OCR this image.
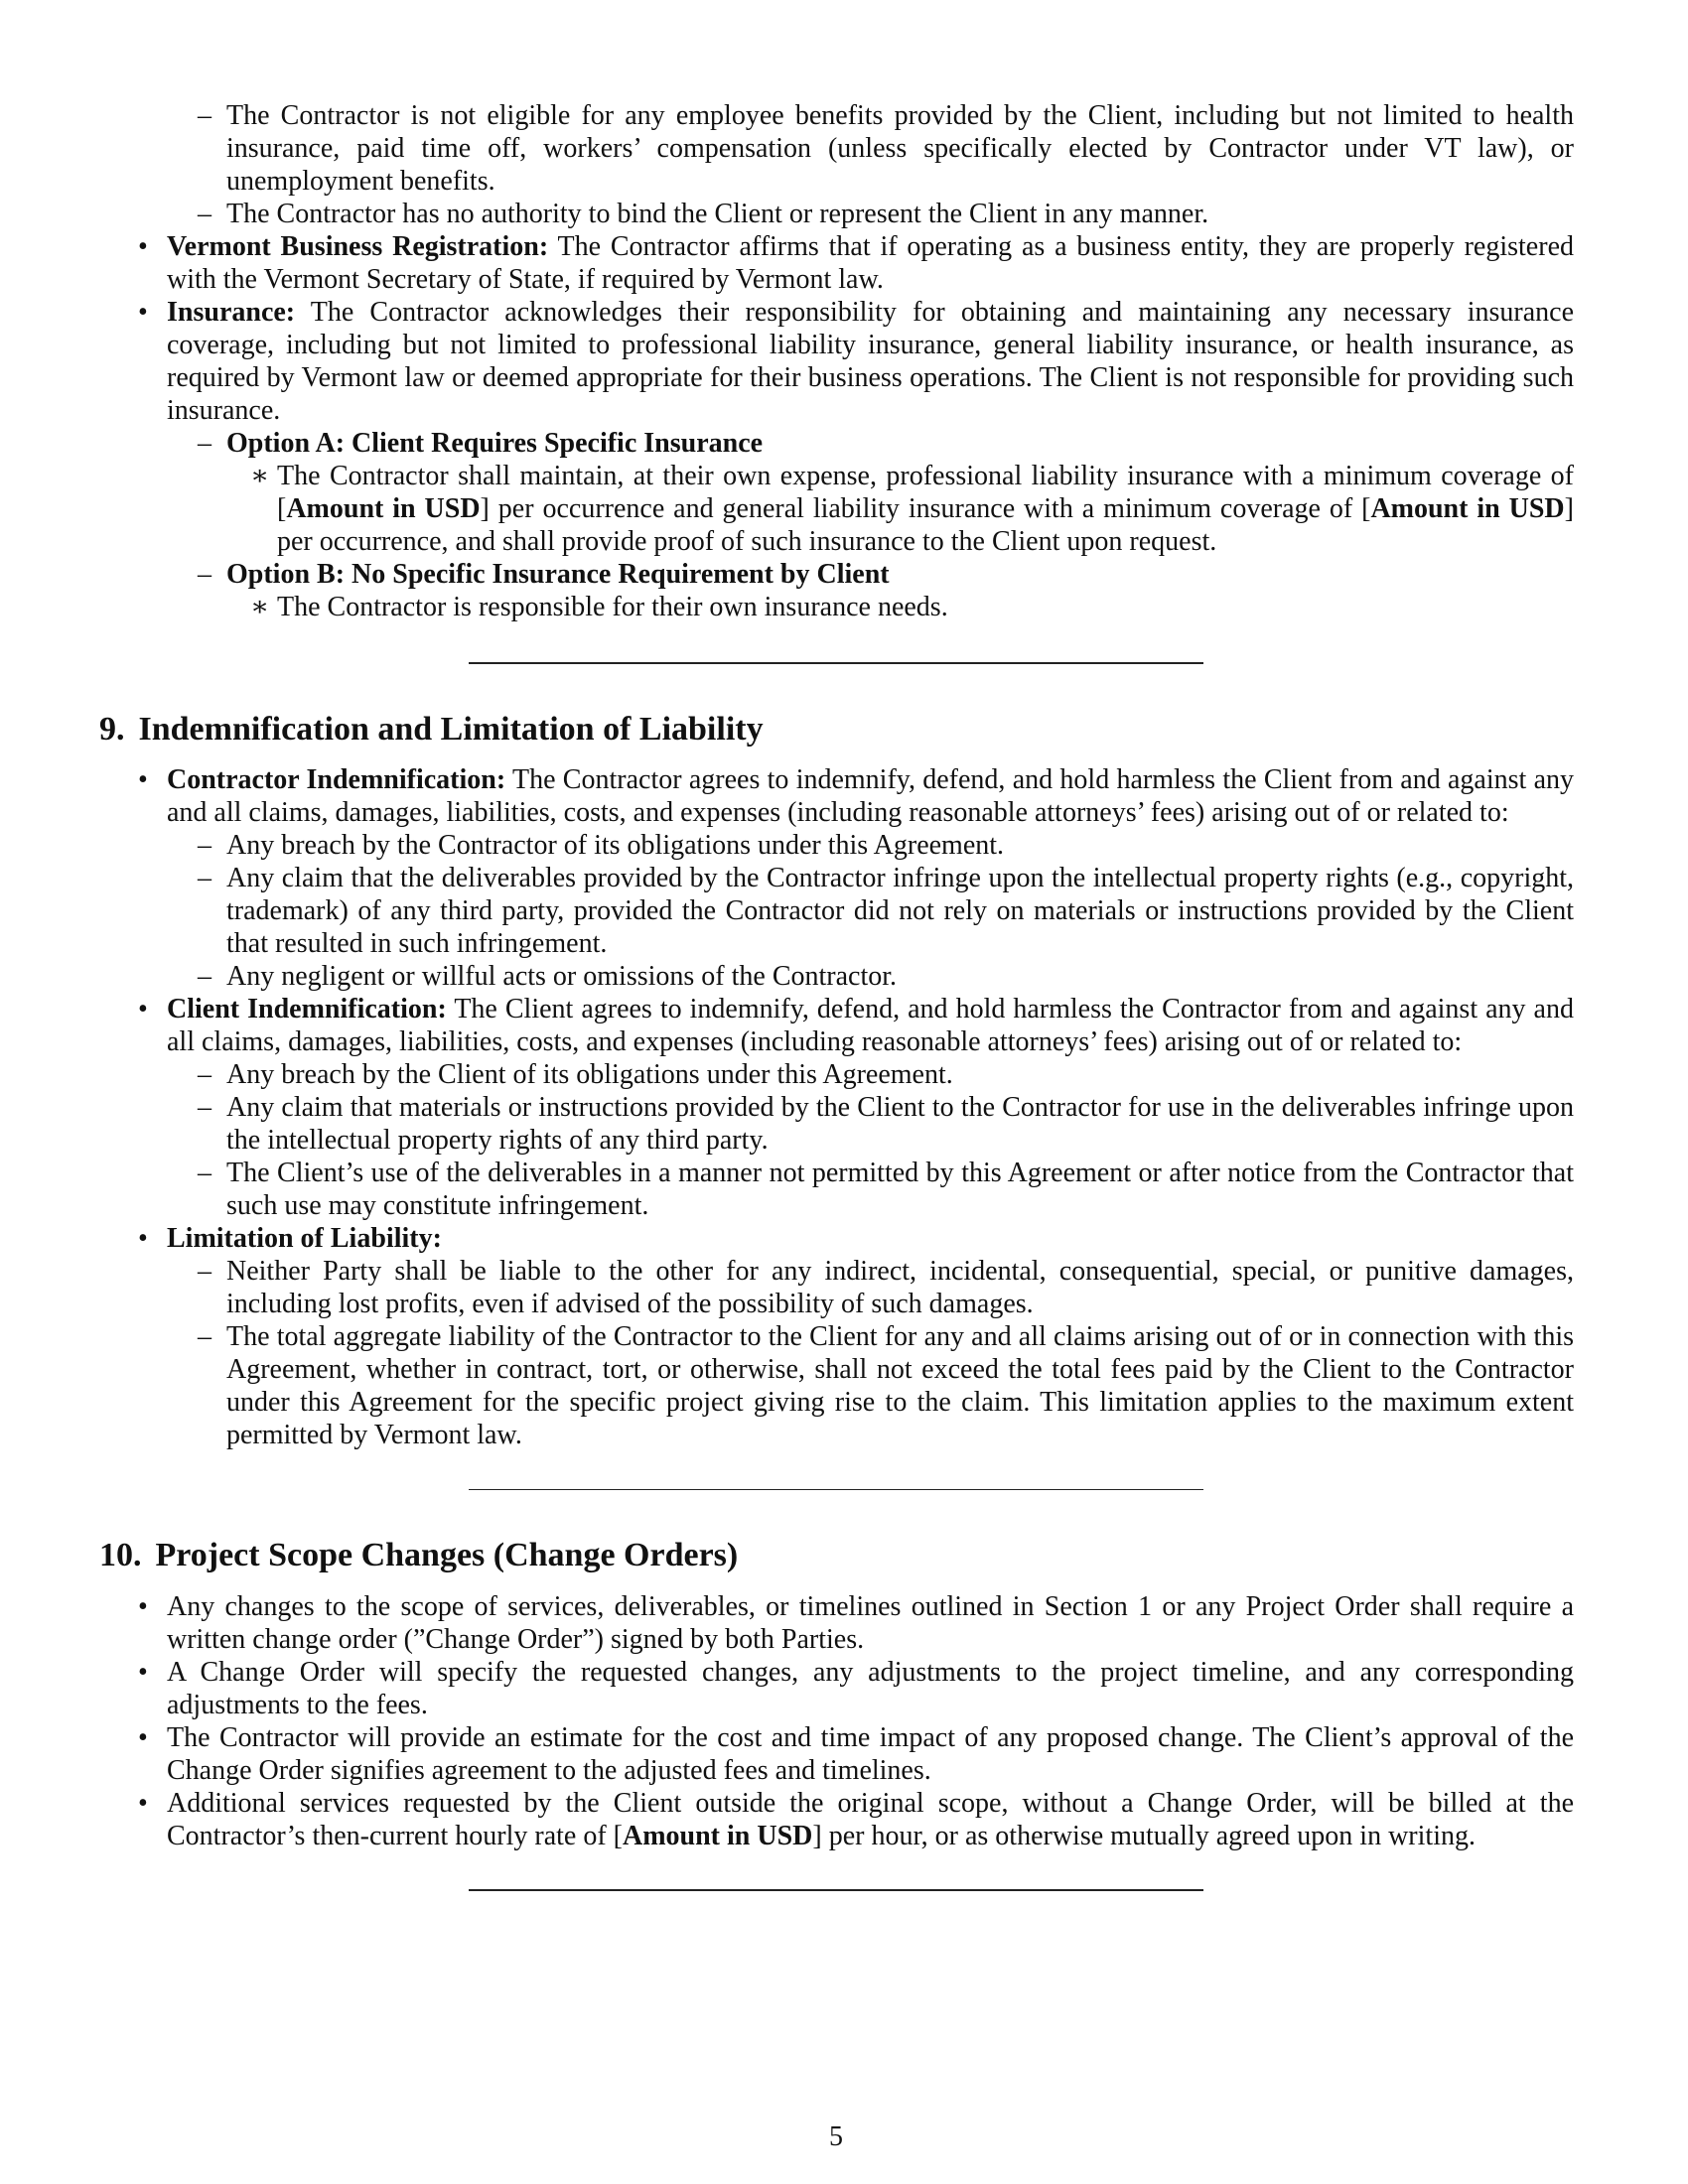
– The Contractor is not eligible for any employee benefits provided by the Client, including but not limited to health insurance, paid time off, workers’ compensation (unless specifically elected by Contractor under VT law), or unemployment benefits.
– The Contractor has no authority to bind the Client or represent the Client in any manner.
• Vermont Business Registration: The Contractor affirms that if operating as a business entity, they are properly registered with the Vermont Secretary of State, if required by Vermont law.
• Insurance: The Contractor acknowledges their responsibility for obtaining and maintaining any necessary insurance coverage, including but not limited to professional liability insurance, general liability insurance, or health insurance, as required by Vermont law or deemed appropriate for their business operations. The Client is not responsible for providing such insurance.
– Option A: Client Requires Specific Insurance
∗ The Contractor shall maintain, at their own expense, professional liability insurance with a minimum coverage of [Amount in USD] per occurrence and general liability insurance with a minimum coverage of [Amount in USD] per occurrence, and shall provide proof of such insurance to the Client upon request.
– Option B: No Specific Insurance Requirement by Client
∗ The Contractor is responsible for their own insurance needs.
9. Indemnification and Limitation of Liability
• Contractor Indemnification: The Contractor agrees to indemnify, defend, and hold harmless the Client from and against any and all claims, damages, liabilities, costs, and expenses (including reasonable attorneys’ fees) arising out of or related to:
– Any breach by the Contractor of its obligations under this Agreement.
– Any claim that the deliverables provided by the Contractor infringe upon the intellectual property rights (e.g., copyright, trademark) of any third party, provided the Contractor did not rely on materials or instructions provided by the Client that resulted in such infringement.
– Any negligent or willful acts or omissions of the Contractor.
• Client Indemnification: The Client agrees to indemnify, defend, and hold harmless the Contractor from and against any and all claims, damages, liabilities, costs, and expenses (including reasonable attorneys’ fees) arising out of or related to:
– Any breach by the Client of its obligations under this Agreement.
– Any claim that materials or instructions provided by the Client to the Contractor for use in the deliverables infringe upon the intellectual property rights of any third party.
– The Client’s use of the deliverables in a manner not permitted by this Agreement or after notice from the Contractor that such use may constitute infringement.
• Limitation of Liability:
– Neither Party shall be liable to the other for any indirect, incidental, consequential, special, or punitive damages, including lost profits, even if advised of the possibility of such damages.
– The total aggregate liability of the Contractor to the Client for any and all claims arising out of or in connection with this Agreement, whether in contract, tort, or otherwise, shall not exceed the total fees paid by the Client to the Contractor under this Agreement for the specific project giving rise to the claim. This limitation applies to the maximum extent permitted by Vermont law.
10. Project Scope Changes (Change Orders)
• Any changes to the scope of services, deliverables, or timelines outlined in Section 1 or any Project Order shall require a written change order (”Change Order”) signed by both Parties.
• A Change Order will specify the requested changes, any adjustments to the project timeline, and any corresponding adjustments to the fees.
• The Contractor will provide an estimate for the cost and time impact of any proposed change. The Client’s approval of the Change Order signifies agreement to the adjusted fees and timelines.
• Additional services requested by the Client outside the original scope, without a Change Order, will be billed at the Contractor’s then-current hourly rate of [Amount in USD] per hour, or as otherwise mutually agreed upon in writing.
5
